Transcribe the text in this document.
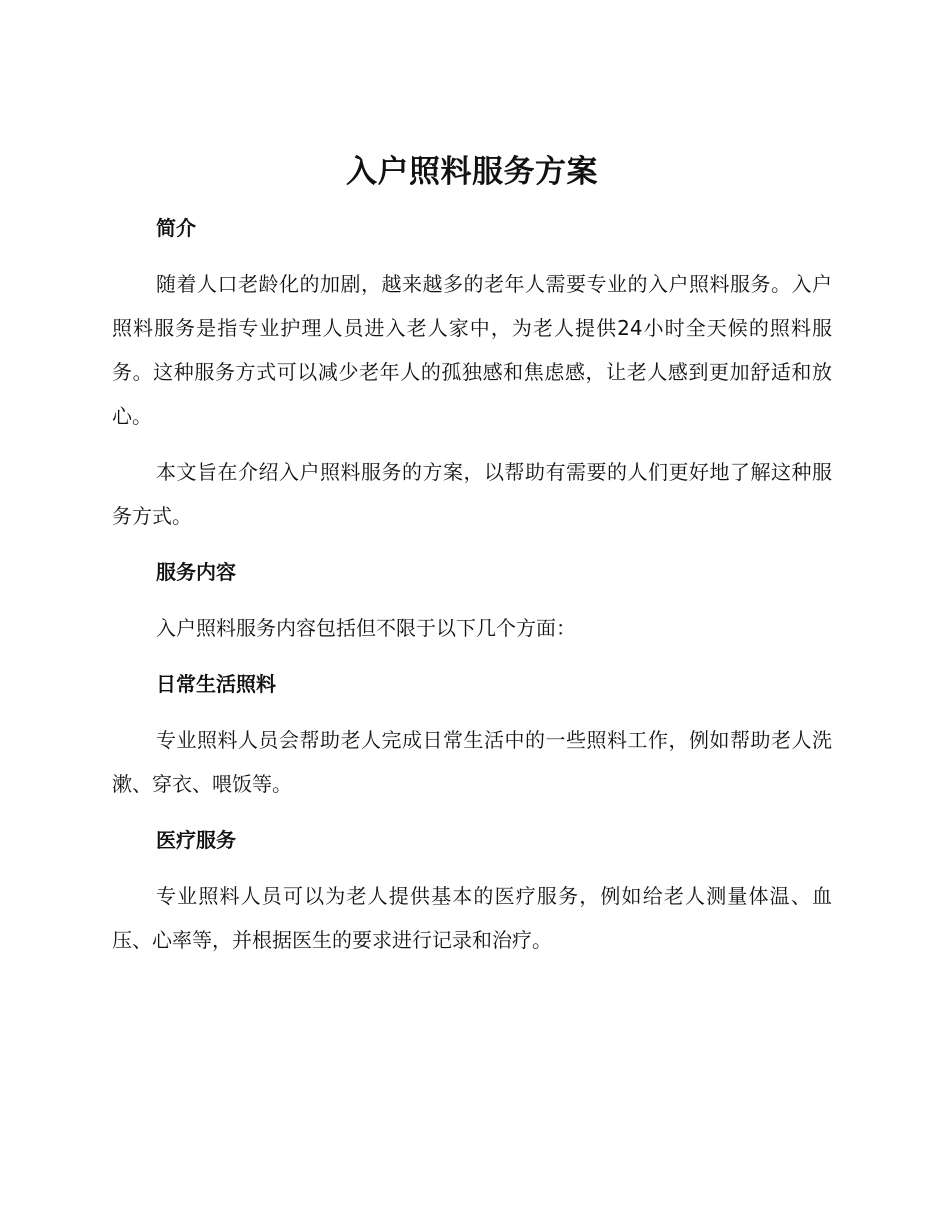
入户照料服务方案
简介

随着人口老龄化的加剧，越来越多的老年人需要专业的入户照料服务。入户照料服务是指专业护理人员进入老人家中，为老人提供24小时全天候的照料服务。这种服务方式可以减少老年人的孤独感和焦虑感，让老人感到更加舒适和放心。

本文旨在介绍入户照料服务的方案，以帮助有需要的人们更好地了解这种服务方式。

服务内容

入户照料服务内容包括但不限于以下几个方面：

日常生活照料

专业照料人员会帮助老人完成日常生活中的一些照料工作，例如帮助老人洗漱、穿衣、喂饭等。

医疗服务

专业照料人员可以为老人提供基本的医疗服务，例如给老人测量体温、血压、心率等，并根据医生的要求进行记录和治疗。
